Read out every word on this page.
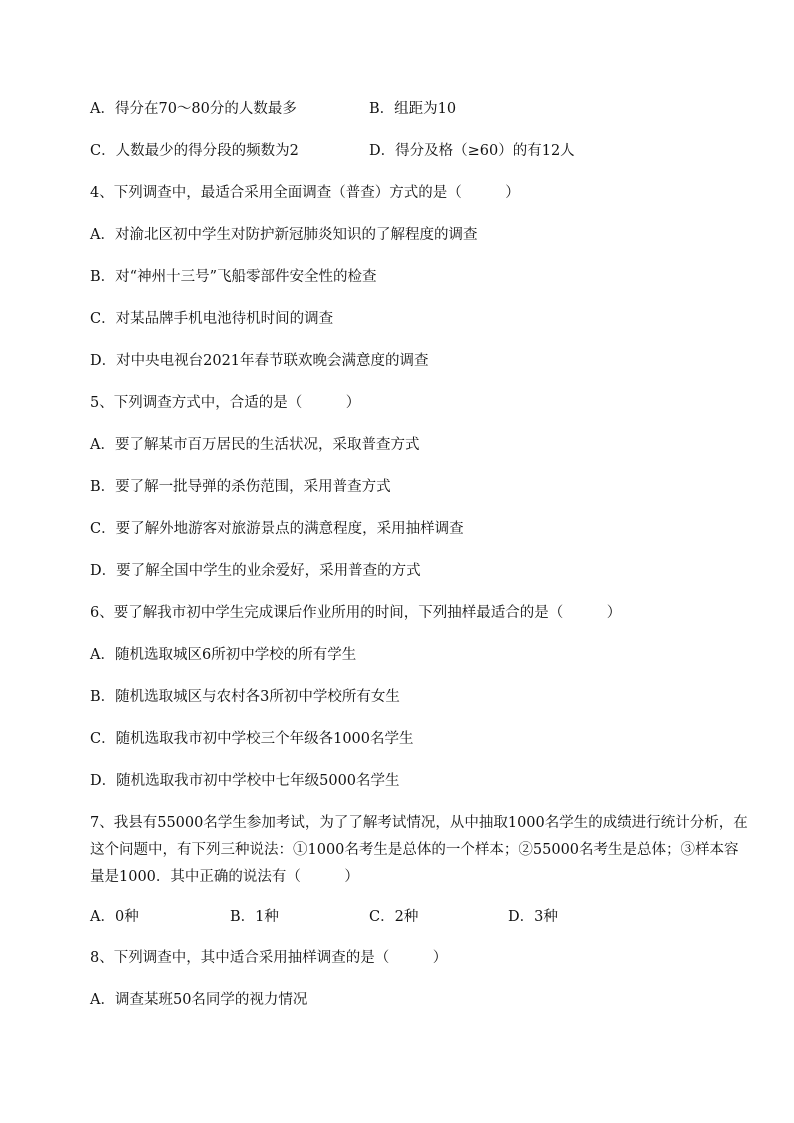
A．得分在70～80分的人数最多	B．组距为10
C．人数最少的得分段的频数为2	D．得分及格（≥60）的有12人
4、下列调查中，最适合采用全面调查（普查）方式的是（　　　）
A．对渝北区初中学生对防护新冠肺炎知识的了解程度的调查
B．对“神州十三号”飞船零部件安全性的检查
C．对某品牌手机电池待机时间的调查
D．对中央电视台2021年春节联欢晚会满意度的调查
5、下列调查方式中，合适的是（　　　）
A．要了解某市百万居民的生活状况，采取普查方式
B．要了解一批导弹的杀伤范围，采用普查方式
C．要了解外地游客对旅游景点的满意程度，采用抽样调查
D．要了解全国中学生的业余爱好，采用普查的方式
6、要了解我市初中学生完成课后作业所用的时间，下列抽样最适合的是（　　　）
A．随机选取城区6所初中学校的所有学生
B．随机选取城区与农村各3所初中学校所有女生
C．随机选取我市初中学校三个年级各1000名学生
D．随机选取我市初中学校中七年级5000名学生
7、我县有55000名学生参加考试，为了了解考试情况，从中抽取1000名学生的成绩进行统计分析，在这个问题中，有下列三种说法：①1000名考生是总体的一个样本；②55000名考生是总体；③样本容量是1000．其中正确的说法有（　　　）
A．0种	B．1种	C．2种	D．3种
8、下列调查中，其中适合采用抽样调查的是（　　　）
A．调查某班50名同学的视力情况
